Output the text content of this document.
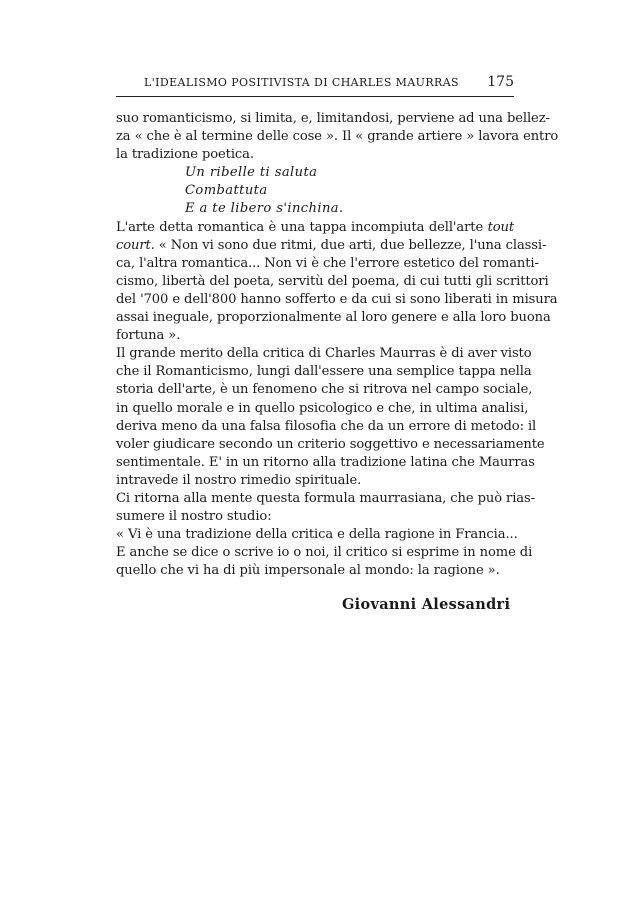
L'IDEALISMO POSITIVISTA DI CHARLES MAURRAS 175
suo romanticismo, si limita, e, limitandosi, perviene ad una bellez-
za « che è al termine delle cose ». Il « grande artiere » lavora entro
la tradizione poetica.
Un ribelle ti saluta
Combattuta
E a te libero s'inchina.
L'arte detta romantica è una tappa incompiuta dell'arte tout
court. « Non vi sono due ritmi, due arti, due bellezze, l'una classi-
ca, l'altra romantica... Non vi è che l'errore estetico del romanti-
cismo, libertà del poeta, servitù del poema, di cui tutti gli scrittori
del '700 e dell'800 hanno sofferto e da cui si sono liberati in misura
assai ineguale, proporzionalmente al loro genere e alla loro buona
fortuna ».
Il grande merito della critica di Charles Maurras è di aver visto
che il Romanticismo, lungi dall'essere una semplice tappa nella
storia dell'arte, è un fenomeno che si ritrova nel campo sociale,
in quello morale e in quello psicologico e che, in ultima analisi,
deriva meno da una falsa filosofia che da un errore di metodo: il
voler giudicare secondo un criterio soggettivo e necessariamente
sentimentale. E' in un ritorno alla tradizione latina che Maurras
intravede il nostro rimedio spirituale.
Ci ritorna alla mente questa formula maurrasiana, che può rias-
sumere il nostro studio:
« Vi è una tradizione della critica e della ragione in Francia...
E anche se dice o scrive io o noi, il critico si esprime in nome di
quello che vi ha di più impersonale al mondo: la ragione ».
Giovanni Alessandri
